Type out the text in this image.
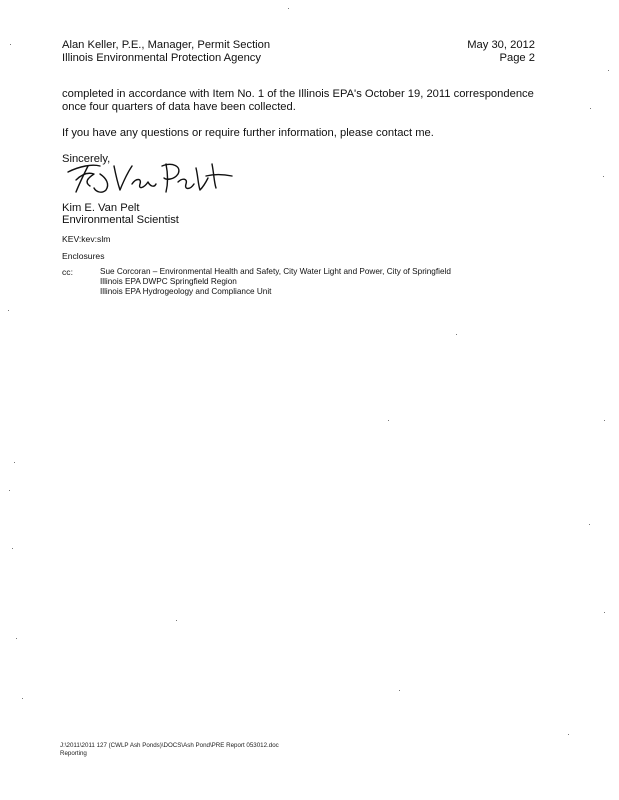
Alan Keller, P.E., Manager, Permit Section
Illinois Environmental Protection Agency
May 30, 2012
Page 2
completed in accordance with Item No. 1 of the Illinois EPA's October 19, 2011 correspondence
once four quarters of data have been collected.
If you have any questions or require further information, please contact me.
Sincerely,
Kim E. Van Pelt
Environmental Scientist
KEV:kev:slm
Enclosures
cc:	Sue Corcoran – Environmental Health and Safety, City Water Light and Power, City of Springfield
Illinois EPA DWPC Springfield Region
Illinois EPA Hydrogeology and Compliance Unit
J:\2011\2011 127 (CWLP Ash Ponds)\DOCS\Ash Pond\PRE Report 053012.doc
Reporting
